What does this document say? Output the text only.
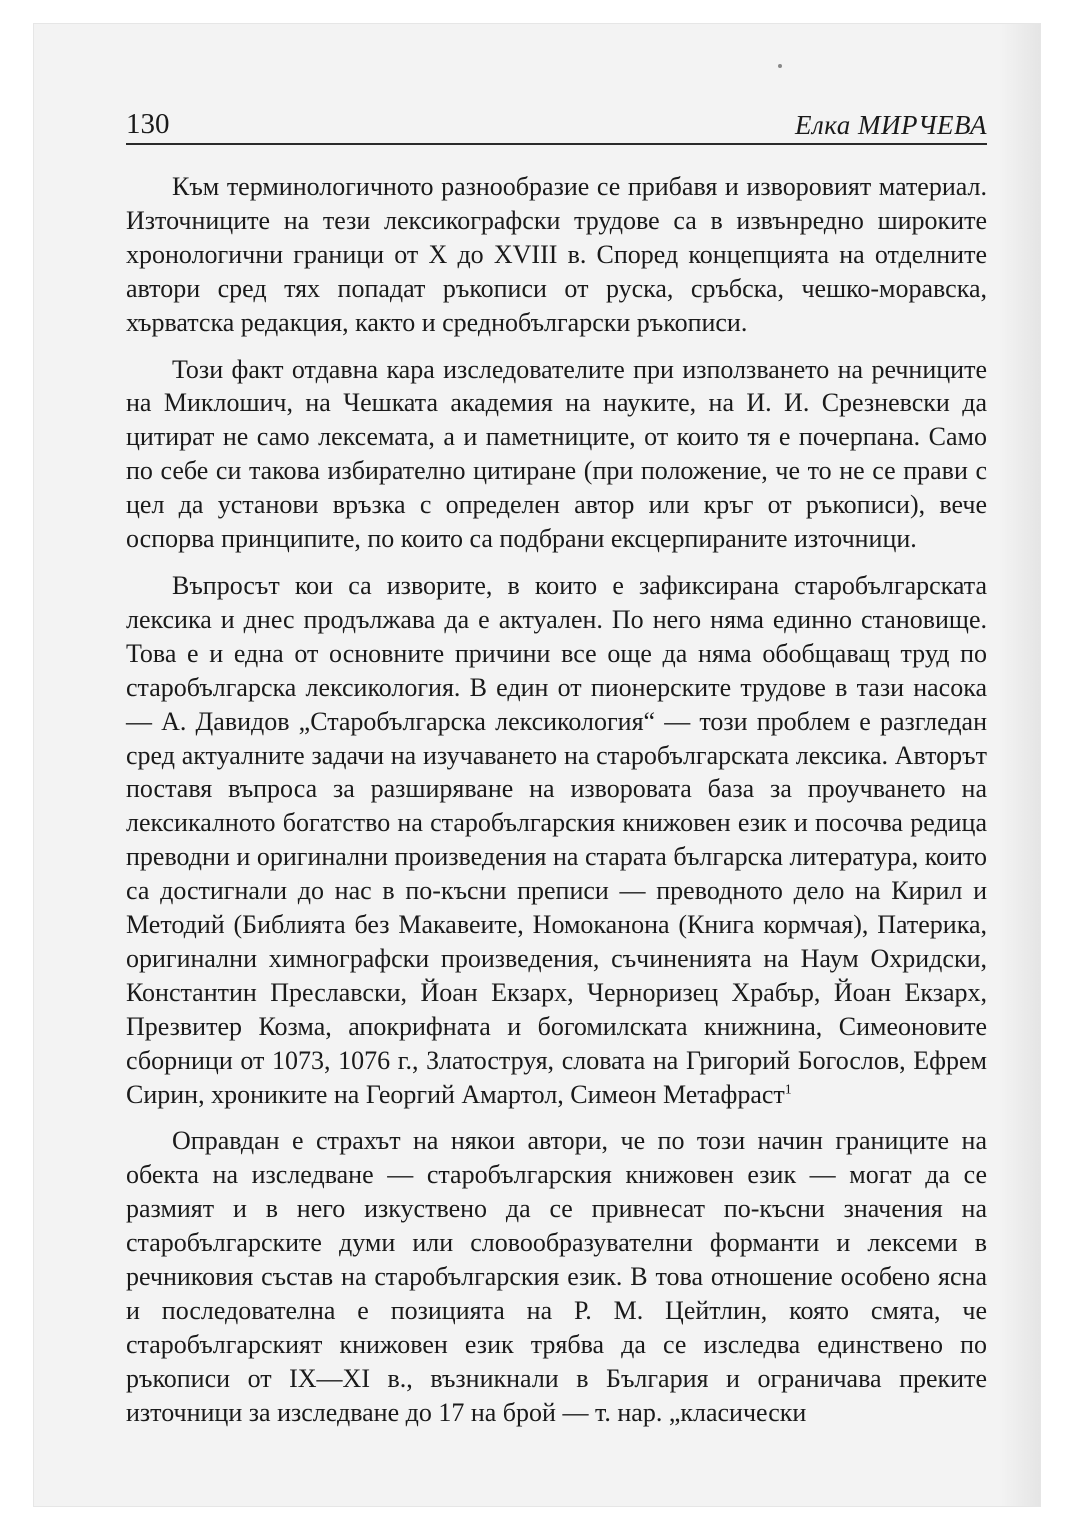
130	Елка МИРЧЕВА

Към терминологичното разнообразие се прибавя и изворовият материал. Източниците на тези лексикографски трудове са в извънредно широките хронологични граници от Х до XVIII в. Според концепцията на отделните автори сред тях попадат ръкописи от руска, сръбска, чешко-моравска, хърватска редакция, както и среднобългарски ръкописи.

Този факт отдавна кара изследователите при използването на речниците на Миклошич, на Чешката академия на науките, на И. И. Срезневски да цитират не само лексемата, а и паметниците, от които тя е почерпана. Само по себе си такова избирателно цитиране (при положение, че то не се прави с цел да установи връзка с определен автор или кръг от ръкописи), вече оспорва принципите, по които са подбрани ексцерпираните източници.

Въпросът кои са изворите, в които е зафиксирана старобългарската лексика и днес продължава да е актуален. По него няма единно становище. Това е и една от основните причини все още да няма обобщаващ труд по старобългарска лексикология. В един от пионерските трудове в тази насока — А. Давидов „Старобългарска лексикология“ — този проблем е разгледан сред актуалните задачи на изучаването на старобългарската лексика. Авторът поставя въпроса за разширяване на изворовата база за проучването на лексикалното богатство на старобългарския книжовен език и посочва редица преводни и оригинални произведения на старата българска литература, които са достигнали до нас в по-късни преписи — преводното дело на Кирил и Методий (Библията без Макавеите, Номоканона (Книга кормчая), Патерика, оригинални химнографски произведения, съчиненията на Наум Охридски, Константин Преславски, Йоан Екзарх, Черноризец Храбър, Йоан Екзарх, Презвитер Козма, апокрифната и богомилската книжнина, Симеоновите сборници от 1073, 1076 г., Златоструя, словата на Григорий Богослов, Ефрем Сирин, хрониките на Георгий Амартол, Симеон Метафраст$^1$

Оправдан е страхът на някои автори, че по този начин границите на обекта на изследване — старобългарския книжовен език — могат да се размият и в него изкуствено да се привнесат по-късни значения на старобългарските думи или словообразувателни форманти и лексеми в речниковия състав на старобългарския език. В това отношение особено ясна и последователна е позицията на Р. М. Цейтлин, която смята, че старобългарският книжовен език трябва да се изследва единствено по ръкописи от IX—XI в., възникнали в България и ограничава преките източници за изследване до 17 на брой — т. нар. „класически
